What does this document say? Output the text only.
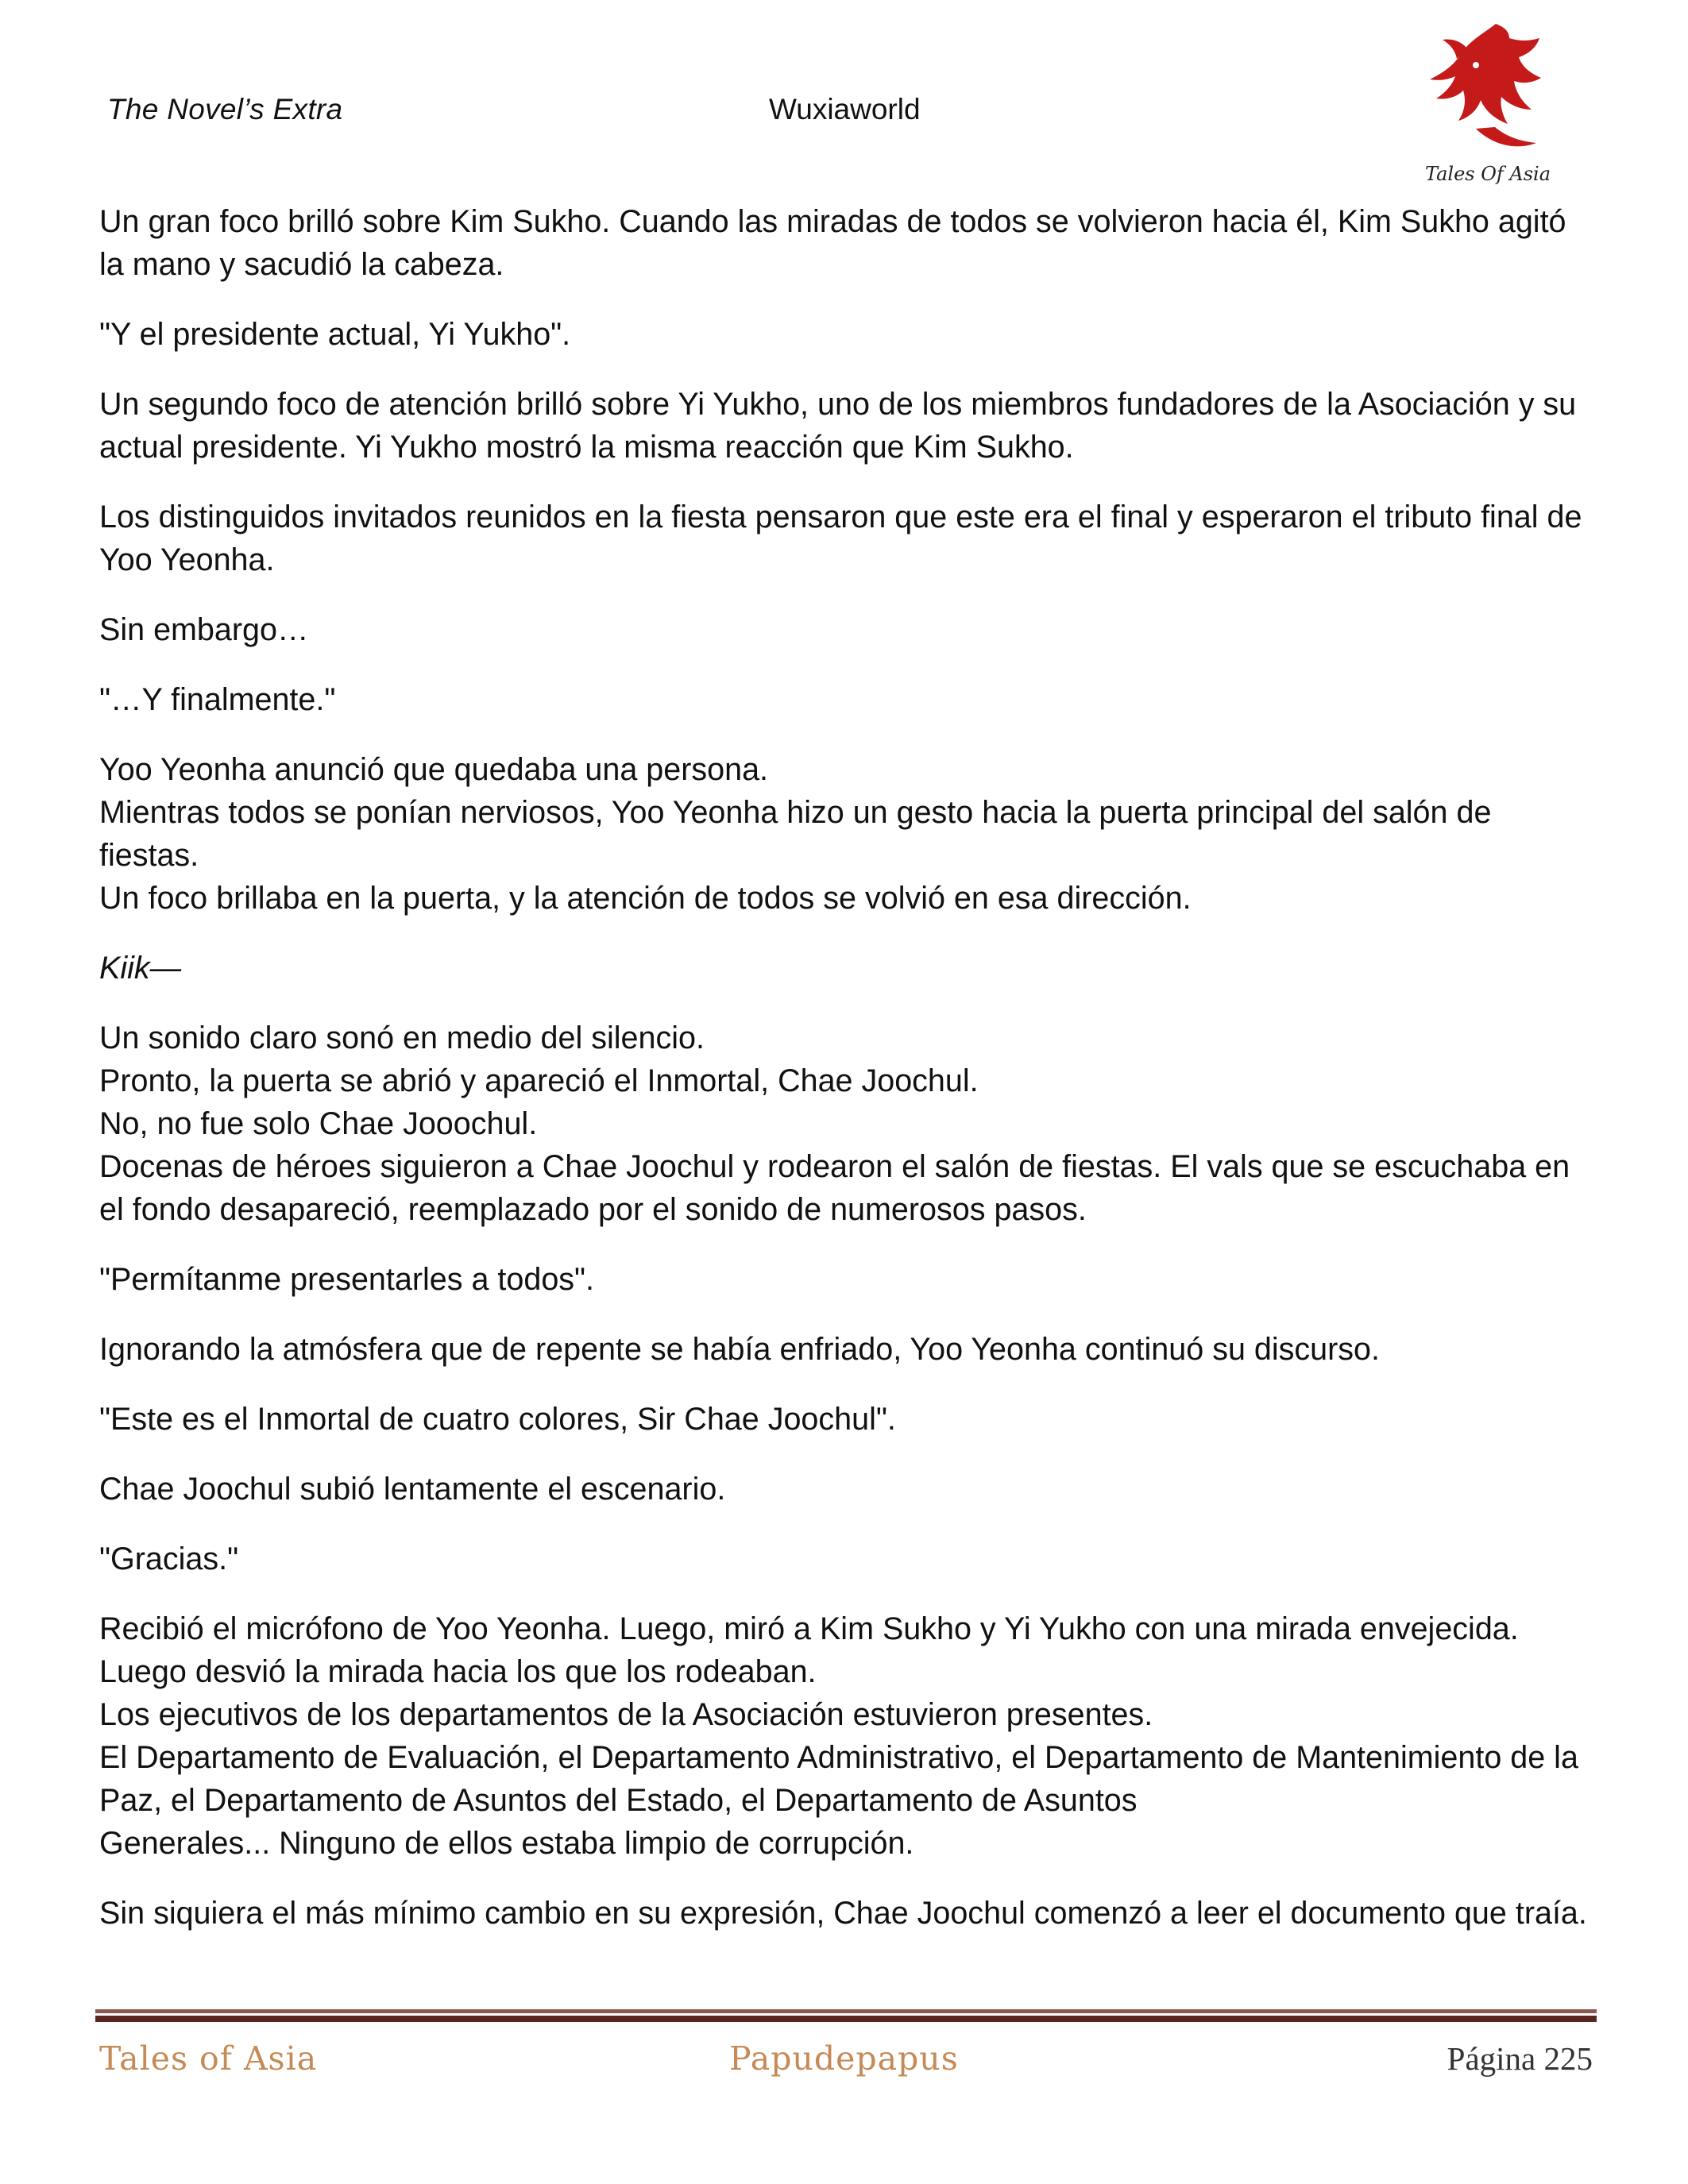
The Novel’s Extra	Wuxiaworld
Tales Of Asia

Un gran foco brilló sobre Kim Sukho. Cuando las miradas de todos se volvieron hacia él, Kim Sukho agitó la mano y sacudió la cabeza.

"Y el presidente actual, Yi Yukho".

Un segundo foco de atención brilló sobre Yi Yukho, uno de los miembros fundadores de la Asociación y su actual presidente. Yi Yukho mostró la misma reacción que Kim Sukho.

Los distinguidos invitados reunidos en la fiesta pensaron que este era el final y esperaron el tributo final de Yoo Yeonha.

Sin embargo…

"…Y finalmente."

Yoo Yeonha anunció que quedaba una persona.
Mientras todos se ponían nerviosos, Yoo Yeonha hizo un gesto hacia la puerta principal del salón de fiestas.
Un foco brillaba en la puerta, y la atención de todos se volvió en esa dirección.

Kiik—

Un sonido claro sonó en medio del silencio.
Pronto, la puerta se abrió y apareció el Inmortal, Chae Joochul.
No, no fue solo Chae Jooochul.
Docenas de héroes siguieron a Chae Joochul y rodearon el salón de fiestas. El vals que se escuchaba en el fondo desapareció, reemplazado por el sonido de numerosos pasos.

"Permítanme presentarles a todos".

Ignorando la atmósfera que de repente se había enfriado, Yoo Yeonha continuó su discurso.

"Este es el Inmortal de cuatro colores, Sir Chae Joochul".

Chae Joochul subió lentamente el escenario.

"Gracias."

Recibió el micrófono de Yoo Yeonha. Luego, miró a Kim Sukho y Yi Yukho con una mirada envejecida. Luego desvió la mirada hacia los que los rodeaban.
Los ejecutivos de los departamentos de la Asociación estuvieron presentes.
El Departamento de Evaluación, el Departamento Administrativo, el Departamento de Mantenimiento de la Paz, el Departamento de Asuntos del Estado, el Departamento de Asuntos
Generales... Ninguno de ellos estaba limpio de corrupción.

Sin siquiera el más mínimo cambio en su expresión, Chae Joochul comenzó a leer el documento que traía.

Tales of Asia	Papudepapus	Página 225
